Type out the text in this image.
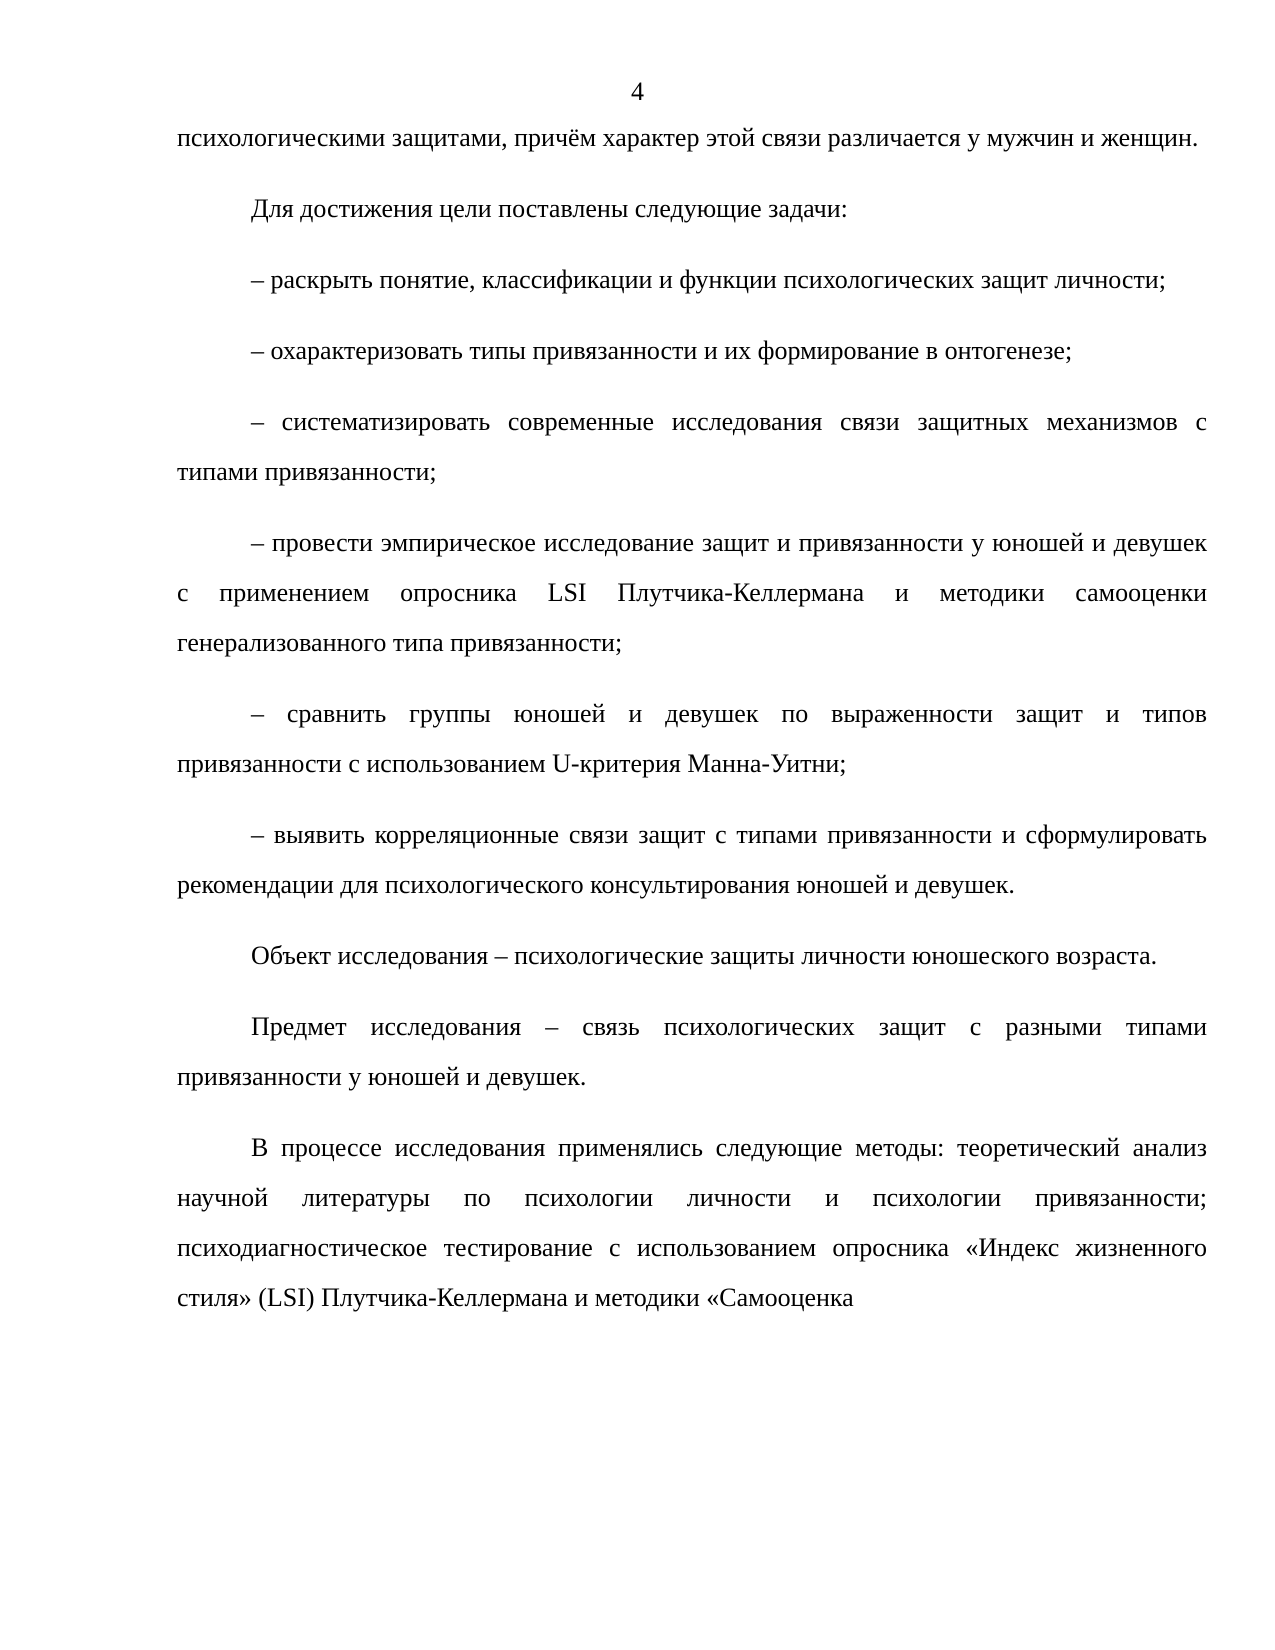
4

психологическими защитами, причём характер этой связи различается у мужчин и женщин.

Для достижения цели поставлены следующие задачи:

– раскрыть понятие, классификации и функции психологических защит личности;

– охарактеризовать типы привязанности и их формирование в онтогенезе;

– систематизировать современные исследования связи защитных механизмов с типами привязанности;

– провести эмпирическое исследование защит и привязанности у юношей и девушек с применением опросника LSI Плутчика-Келлермана и методики самооценки генерализованного типа привязанности;

– сравнить группы юношей и девушек по выраженности защит и типов привязанности с использованием U-критерия Манна-Уитни;

– выявить корреляционные связи защит с типами привязанности и сформулировать рекомендации для психологического консультирования юношей и девушек.

Объект исследования – психологические защиты личности юношеского возраста.

Предмет исследования – связь психологических защит с разными типами привязанности у юношей и девушек.

В процессе исследования применялись следующие методы: теоретический анализ научной литературы по психологии личности и психологии привязанности; психодиагностическое тестирование с использованием опросника «Индекс жизненного стиля» (LSI) Плутчика-Келлермана и методики «Самооценка
